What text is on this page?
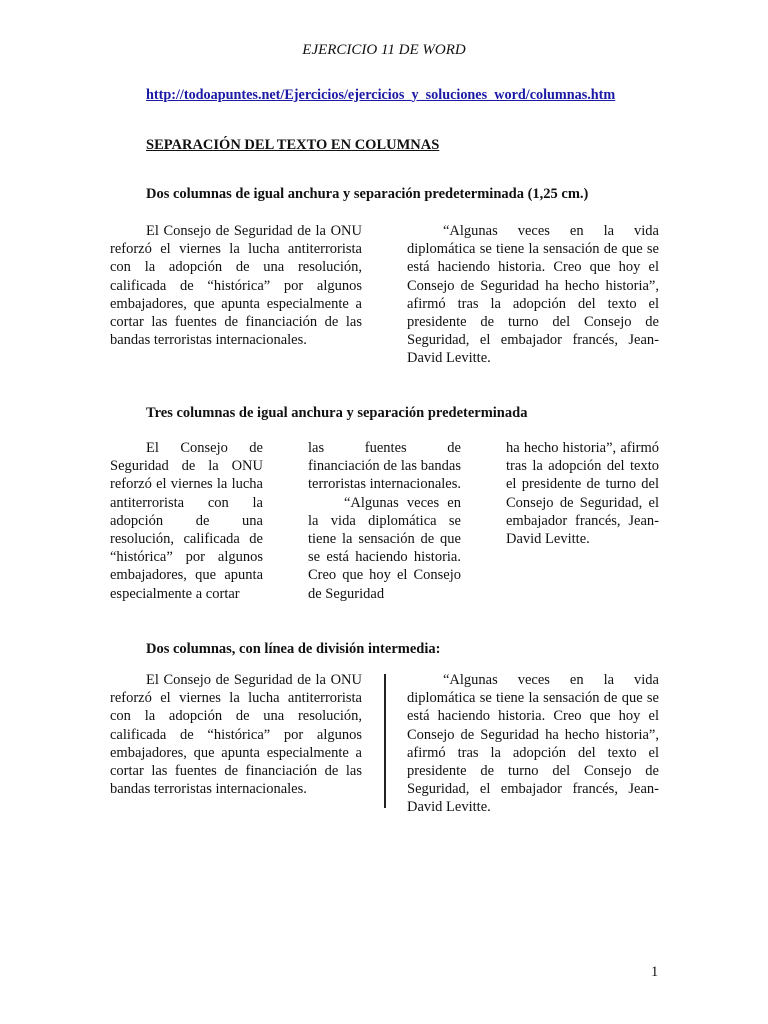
EJERCICIO 11 DE WORD
http://todoapuntes.net/Ejercicios/ejercicios_y_soluciones_word/columnas.htm
SEPARACIÓN DEL TEXTO EN COLUMNAS
Dos columnas de igual anchura y separación predeterminada (1,25 cm.)

El Consejo de Seguridad de la ONU reforzó el viernes la lucha antiterrorista con la adopción de una resolución, calificada de “histórica” por algunos embajadores, que apunta especialmente a cortar las fuentes de financiación de las bandas terroristas internacionales.

“Algunas veces en la vida diplomática se tiene la sensación de que se está haciendo historia. Creo que hoy el Consejo de Seguridad ha hecho historia”, afirmó tras la adopción del texto el presidente de turno del Consejo de Seguridad, el embajador francés, Jean-David Levitte.

Tres columnas de igual anchura y separación predeterminada

El Consejo de Seguridad de la ONU reforzó el viernes la lucha antiterrorista con la adopción de una resolución, calificada de “histórica” por algunos embajadores, que apunta especialmente a cortar

las fuentes de financiación de las bandas terroristas internacionales.

“Algunas veces en la vida diplomática se tiene la sensación de que se está haciendo historia. Creo que hoy el Consejo de Seguridad

ha hecho historia”, afirmó tras la adopción del texto el presidente de turno del Consejo de Seguridad, el embajador francés, Jean-David Levitte.

Dos columnas, con línea de división intermedia:

El Consejo de Seguridad de la ONU reforzó el viernes la lucha antiterrorista con la adopción de una resolución, calificada de “histórica” por algunos embajadores, que apunta especialmente a cortar las fuentes de financiación de las bandas terroristas internacionales.

“Algunas veces en la vida diplomática se tiene la sensación de que se está haciendo historia. Creo que hoy el Consejo de Seguridad ha hecho historia”, afirmó tras la adopción del texto el presidente de turno del Consejo de Seguridad, el embajador francés, Jean-David Levitte.

1
